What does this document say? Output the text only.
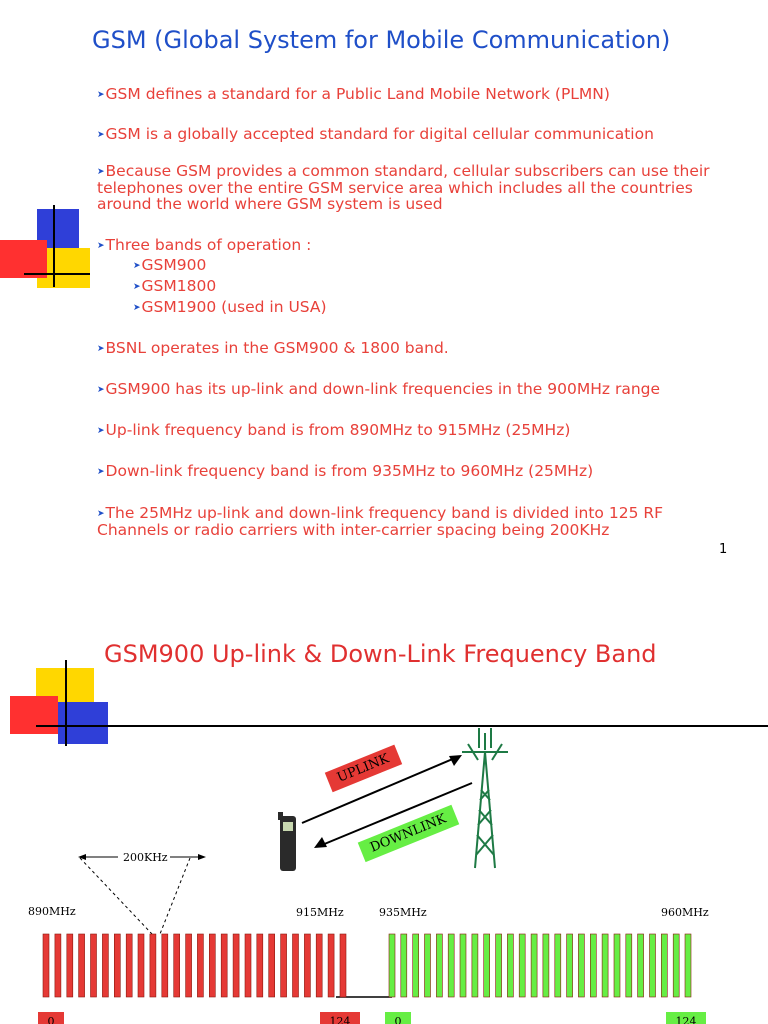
GSM (Global System for Mobile Communication)
➤GSM defines a standard for a Public Land Mobile Network (PLMN)
➤GSM is a globally accepted standard for digital cellular communication
➤Because GSM provides a common standard, cellular subscribers can use their telephones over the entire GSM service area which includes all the countries around the world where GSM system is used
➤Three bands of operation :
➤GSM900
➤GSM1800
➤GSM1900 (used in USA)
➤BSNL operates in the GSM900 & 1800 band.
➤GSM900 has its up-link and down-link frequencies in the 900MHz range
➤Up-link frequency band is from 890MHz to 915MHz (25MHz)
➤Down-link frequency band is from 935MHz to 960MHz (25MHz)
➤The 25MHz up-link and down-link frequency band is divided into 125 RF Channels or radio carriers with inter-carrier spacing being 200KHz
1
GSM900 Up-link & Down-Link Frequency Band
UPLINK
DOWNLINK
200KHz
890MHz	915MHz	935MHz	960MHz
0	124	0	124
